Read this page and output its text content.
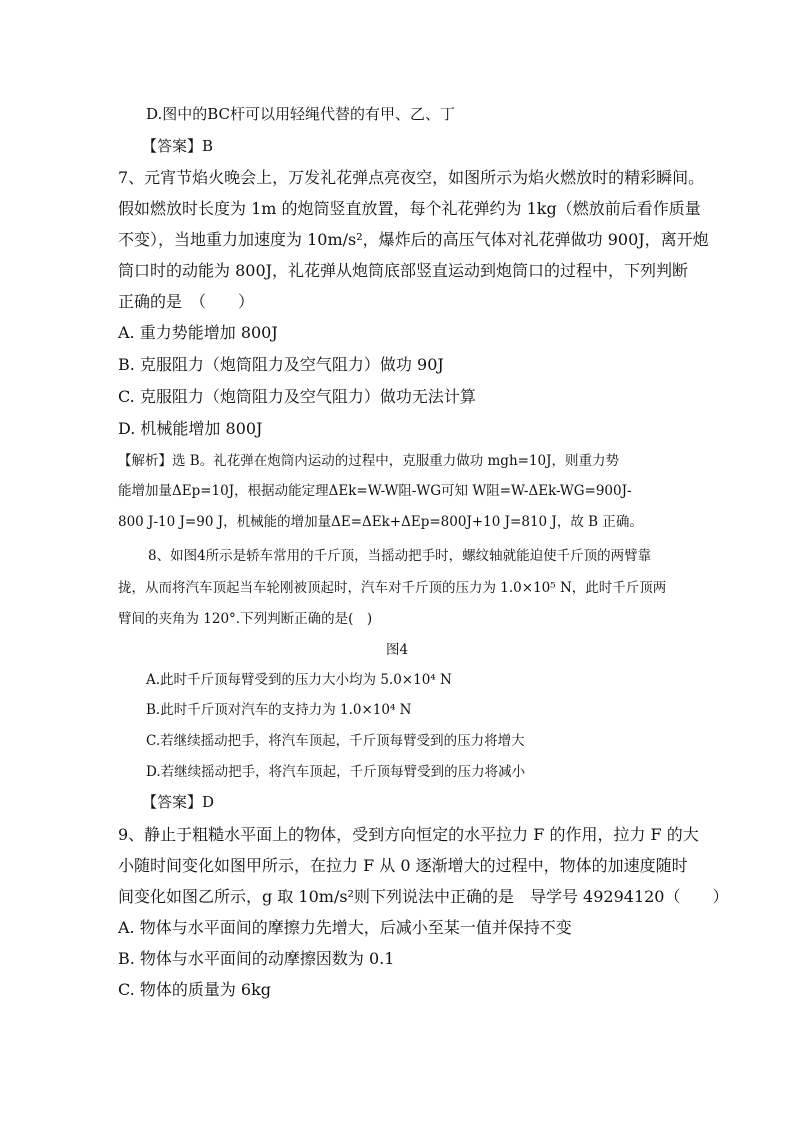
D.图中的BC杆可以用轻绳代替的有甲、乙、丁
【答案】B
7、元宵节焰火晚会上，万发礼花弹点亮夜空，如图所示为焰火燃放时的精彩瞬间。
假如燃放时长度为 1m 的炮筒竖直放置，每个礼花弹约为 1kg（燃放前后看作质量
不变），当地重力加速度为 10m/s²，爆炸后的高压气体对礼花弹做功 900J，离开炮
筒口时的动能为 800J，礼花弹从炮筒底部竖直运动到炮筒口的过程中，下列判断
正确的是　（　　）
A. 重力势能增加 800J
B. 克服阻力（炮筒阻力及空气阻力）做功 90J
C. 克服阻力（炮筒阻力及空气阻力）做功无法计算
D. 机械能增加 800J
【解析】选 B。礼花弹在炮筒内运动的过程中，克服重力做功 mgh=10J，则重力势
能增加量ΔEp=10J，根据动能定理ΔEk=W-W阻-WG可知 W阻=W-ΔEk-WG=900J-
800 J-10 J=90 J，机械能的增加量ΔE=ΔEk+ΔEp=800J+10 J=810 J，故 B 正确。
8、如图4所示是轿车常用的千斤顶，当摇动把手时，螺纹轴就能迫使千斤顶的两臂靠
拢，从而将汽车顶起当车轮刚被顶起时，汽车对千斤顶的压力为 1.0×10⁵ N，此时千斤顶两
臂间的夹角为 120°.下列判断正确的是(　)
图4
A.此时千斤顶每臂受到的压力大小均为 5.0×10⁴ N
B.此时千斤顶对汽车的支持力为 1.0×10⁴ N
C.若继续摇动把手，将汽车顶起，千斤顶每臂受到的压力将增大
D.若继续摇动把手，将汽车顶起，千斤顶每臂受到的压力将减小
【答案】D
9、静止于粗糙水平面上的物体，受到方向恒定的水平拉力 F 的作用，拉力 F 的大
小随时间变化如图甲所示，在拉力 F 从 0 逐渐增大的过程中，物体的加速度随时
间变化如图乙所示，g 取 10m/s²则下列说法中正确的是　导学号 49294120（　　）
A. 物体与水平面间的摩擦力先增大，后减小至某一值并保持不变
B. 物体与水平面间的动摩擦因数为 0.1
C. 物体的质量为 6kg
